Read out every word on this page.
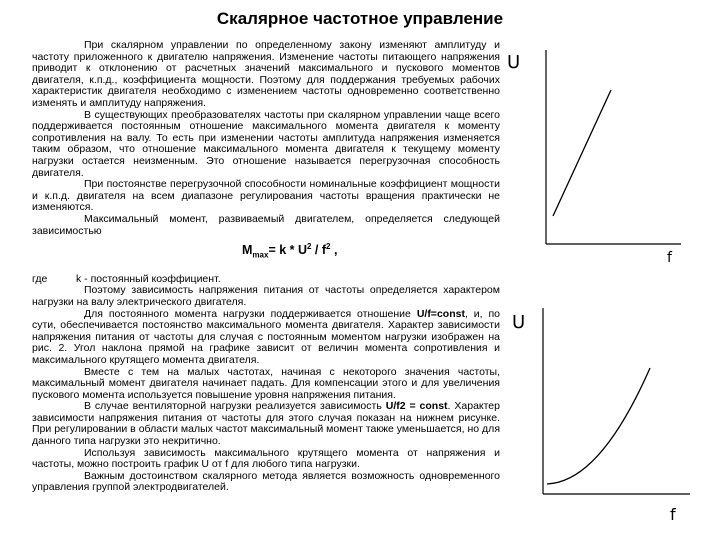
Скалярное частотное управление

При скалярном управлении по определенному закону изменяют амплитуду и частоту приложенного к двигателю напряжения. Изменение частоты питающего напряжения приводит к отклонению от расчетных значений максимального и пускового моментов двигателя, к.п.д., коэффициента мощности. Поэтому для поддержания требуемых рабочих характеристик двигателя необходимо с изменением частоты одновременно соответственно изменять и амплитуду напряжения.

В существующих преобразователях частоты при скалярном управлении чаще всего поддерживается постоянным отношение максимального момента двигателя к моменту сопротивления на валу. То есть при изменении частоты амплитуда напряжения изменяется таким образом, что отношение максимального момента двигателя к текущему моменту нагрузки остается неизменным. Это отношение называется перегрузочная способность двигателя.

При постоянстве перегрузочной способности номинальные коэффициент мощности и к.п.д. двигателя на всем диапазоне регулирования частоты вращения практически не изменяются.

Максимальный момент, развиваемый двигателем, определяется следующей зависимостью

$M_{max}= k * U^2 / f^2$ ,

где	k - постоянный коэффициент.

Поэтому зависимость напряжения питания от частоты определяется характером нагрузки на валу электрического двигателя.

Для постоянного момента нагрузки поддерживается отношение U/f=const, и, по сути, обеспечивается постоянство максимального момента двигателя. Характер зависимости напряжения питания от частоты для случая с постоянным моментом нагрузки изображен на рис. 2. Угол наклона прямой на графике зависит от величин момента сопротивления и максимального крутящего момента двигателя.

Вместе с тем на малых частотах, начиная с некоторого значения частоты, максимальный момент двигателя начинает падать. Для компенсации этого и для увеличения пускового момента используется повышение уровня напряжения питания.

В случае вентиляторной нагрузки реализуется зависимость U/f2 = const. Характер зависимости напряжения питания от частоты для этого случая показан на нижнем рисунке. При регулировании в области малых частот максимальный момент также уменьшается, но для данного типа нагрузки это некритично.

Используя зависимость максимального крутящего момента от напряжения и частоты, можно построить график U от f для любого типа нагрузки.

Важным достоинством скалярного метода является возможность одновременного управления группой электродвигателей.

U
f
U
f
